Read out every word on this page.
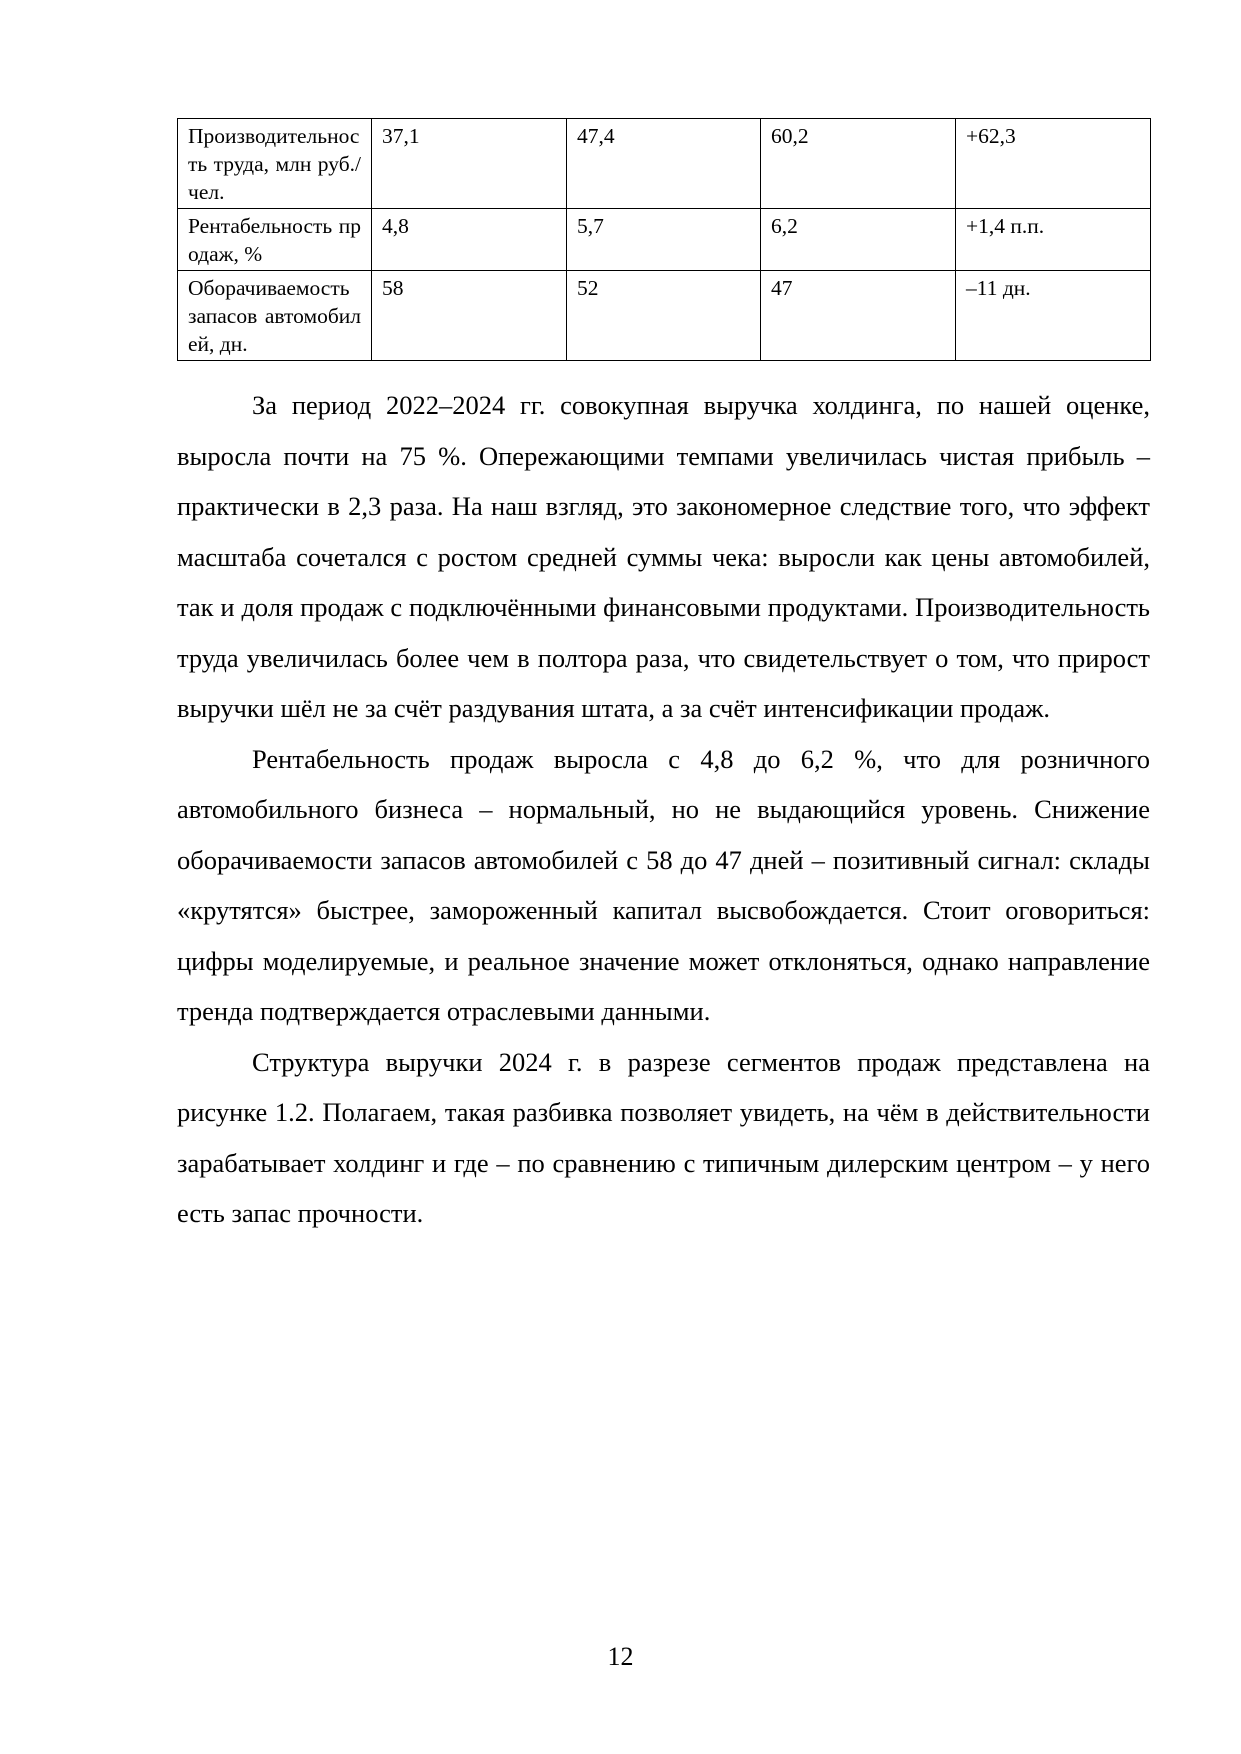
Производительность труда, млн руб./чел.	37,1	47,4	60,2	+62,3
Рентабельность продаж, %	4,8	5,7	6,2	+1,4 п.п.
Оборачиваемость запасов автомобилей, дн.	58	52	47	–11 дн.

За период 2022–2024 гг. совокупная выручка холдинга, по нашей оценке, выросла почти на 75 %. Опережающими темпами увеличилась чистая прибыль – практически в 2,3 раза. На наш взгляд, это закономерное следствие того, что эффект масштаба сочетался с ростом средней суммы чека: выросли как цены автомобилей, так и доля продаж с подключёнными финансовыми продуктами. Производительность труда увеличилась более чем в полтора раза, что свидетельствует о том, что прирост выручки шёл не за счёт раздувания штата, а за счёт интенсификации продаж.

Рентабельность продаж выросла с 4,8 до 6,2 %, что для розничного автомобильного бизнеса – нормальный, но не выдающийся уровень. Снижение оборачиваемости запасов автомобилей с 58 до 47 дней – позитивный сигнал: склады «крутятся» быстрее, замороженный капитал высвобождается. Стоит оговориться: цифры моделируемые, и реальное значение может отклоняться, однако направление тренда подтверждается отраслевыми данными.

Структура выручки 2024 г. в разрезе сегментов продаж представлена на рисунке 1.2. Полагаем, такая разбивка позволяет увидеть, на чём в действительности зарабатывает холдинг и где – по сравнению с типичным дилерским центром – у него есть запас прочности.

12
